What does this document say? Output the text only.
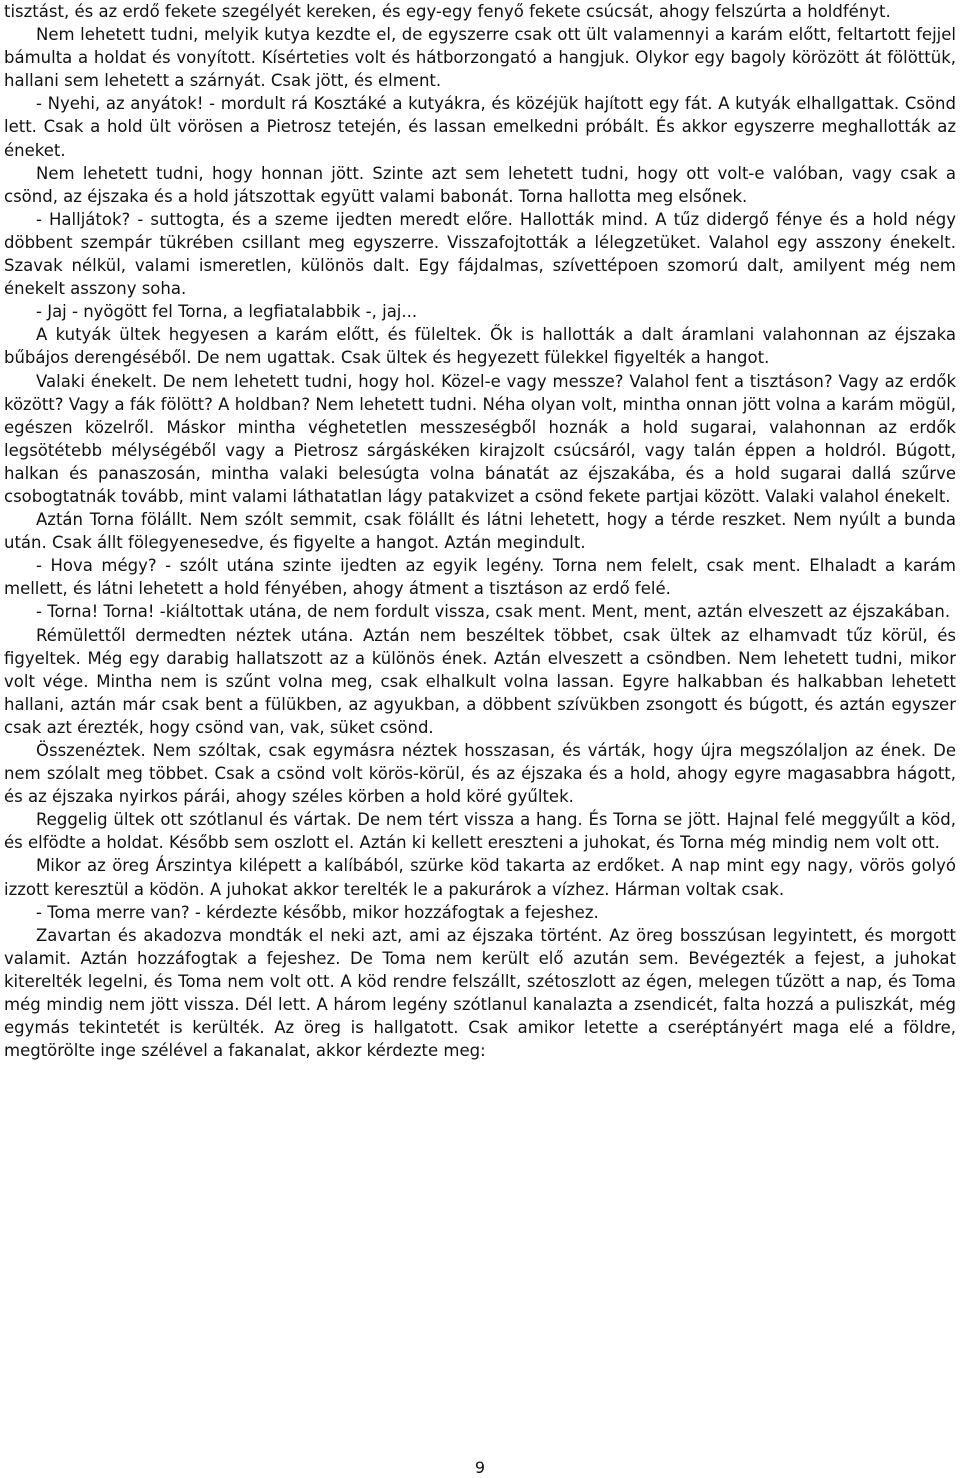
tisztást, és az erdő fekete szegélyét kereken, és egy-egy fenyő fekete csúcsát, ahogy felszúrta a holdfényt.

Nem lehetett tudni, melyik kutya kezdte el, de egyszerre csak ott ült valamennyi a karám előtt, feltartott fejjel bámulta a holdat és vonyított. Kísérteties volt és hátborzongató a hangjuk. Olykor egy bagoly körözött át fölöttük, hallani sem lehetett a szárnyát. Csak jött, és elment.

- Nyehi, az anyátok! - mordult rá Kosztáké a kutyákra, és közéjük hajított egy fát. A kutyák elhallgattak. Csönd lett. Csak a hold ült vörösen a Pietrosz tetején, és lassan emelkedni próbált. És akkor egyszerre meghallották az éneket.

Nem lehetett tudni, hogy honnan jött. Szinte azt sem lehetett tudni, hogy ott volt-e valóban, vagy csak a csönd, az éjszaka és a hold játszottak együtt valami babonát. Torna hallotta meg elsőnek.

- Halljátok? - suttogta, és a szeme ijedten meredt előre. Hallották mind. A tűz didergő fénye és a hold négy döbbent szempár tükrében csillant meg egyszerre. Visszafojtották a lélegzetüket. Valahol egy asszony énekelt. Szavak nélkül, valami ismeretlen, különös dalt. Egy fájdalmas, szívettépoen szomorú dalt, amilyent még nem énekelt asszony soha.

- Jaj - nyögött fel Torna, a legfiatalabbik -, jaj...

A kutyák ültek hegyesen a karám előtt, és füleltek. Ők is hallották a dalt áramlani valahonnan az éjszaka bűbájos derengéséből. De nem ugattak. Csak ültek és hegyezett fülekkel figyelték a hangot.

Valaki énekelt. De nem lehetett tudni, hogy hol. Közel-e vagy messze? Valahol fent a tisztáson? Vagy az erdők között? Vagy a fák fölött? A holdban? Nem lehetett tudni. Néha olyan volt, mintha onnan jött volna a karám mögül, egészen közelről. Máskor mintha véghetetlen messzeségből hoznák a hold sugarai, valahonnan az erdők legsötétebb mélységéből vagy a Pietrosz sárgáskéken kirajzolt csúcsáról, vagy talán éppen a holdról. Búgott, halkan és panaszosán, mintha valaki belesúgta volna bánatát az éjszakába, és a hold sugarai dallá szűrve csobogtatnák tovább, mint valami láthatatlan lágy patakvizet a csönd fekete partjai között. Valaki valahol énekelt.

Aztán Torna fölállt. Nem szólt semmit, csak fölállt és látni lehetett, hogy a térde reszket. Nem nyúlt a bunda után. Csak állt fölegyenesedve, és figyelte a hangot. Aztán megindult.

- Hova mégy? - szólt utána szinte ijedten az egyik legény. Torna nem felelt, csak ment. Elhaladt a karám mellett, és látni lehetett a hold fényében, ahogy átment a tisztáson az erdő felé.

- Torna! Torna! -kiáltottak utána, de nem fordult vissza, csak ment. Ment, ment, aztán elveszett az éjszakában.

Rémülettől dermedten néztek utána. Aztán nem beszéltek többet, csak ültek az elhamvadt tűz körül, és figyeltek. Még egy darabig hallatszott az a különös ének. Aztán elveszett a csöndben. Nem lehetett tudni, mikor volt vége. Mintha nem is szűnt volna meg, csak elhalkult volna lassan. Egyre halkabban és halkabban lehetett hallani, aztán már csak bent a fülükben, az agyukban, a döbbent szívükben zsongott és búgott, és aztán egyszer csak azt érezték, hogy csönd van, vak, süket csönd.

Összenéztek. Nem szóltak, csak egymásra néztek hosszasan, és várták, hogy újra megszólaljon az ének. De nem szólalt meg többet. Csak a csönd volt körös-körül, és az éjszaka és a hold, ahogy egyre magasabbra hágott, és az éjszaka nyirkos párái, ahogy széles körben a hold köré gyűltek.

Reggelig ültek ott szótlanul és vártak. De nem tért vissza a hang. És Torna se jött. Hajnal felé meggyűlt a köd, és elfödte a holdat. Később sem oszlott el. Aztán ki kellett ereszteni a juhokat, és Torna még mindig nem volt ott.

Mikor az öreg Árszintya kilépett a kalíbából, szürke köd takarta az erdőket. A nap mint egy nagy, vörös golyó izzott keresztül a ködön. A juhokat akkor terelték le a pakurárok a vízhez. Hárman voltak csak.

- Toma merre van? - kérdezte később, mikor hozzáfogtak a fejeshez.

Zavartan és akadozva mondták el neki azt, ami az éjszaka történt. Az öreg bosszúsan legyintett, és morgott valamit. Aztán hozzáfogtak a fejeshez. De Toma nem került elő azután sem. Bevégezték a fejest, a juhokat kiterelték legelni, és Toma nem volt ott. A köd rendre felszállt, szétoszlott az égen, melegen tűzött a nap, és Toma még mindig nem jött vissza. Dél lett. A három legény szótlanul kanalazta a zsendicét, falta hozzá a puliszkát, még egymás tekintetét is kerülték. Az öreg is hallgatott. Csak amikor letette a cseréptányért maga elé a földre, megtörölte inge szélével a fakanalat, akkor kérdezte meg:

9
